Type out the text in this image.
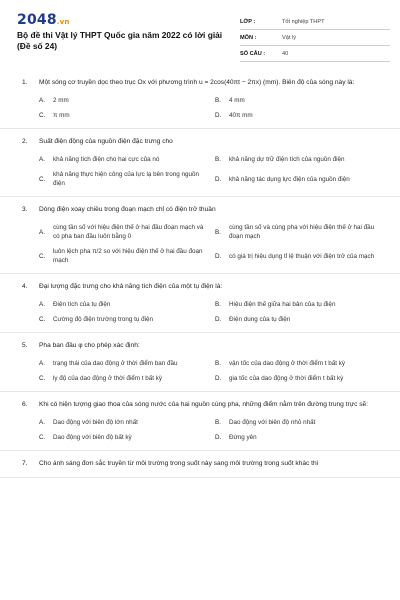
2048.vn
Bộ đề thi Vật lý THPT Quốc gia năm 2022 có lời giải (Đề số 24)
LỚP :	Tốt nghiệp THPT
MÔN :	Vật lý
SỐ CÂU :	40
1.	Một sóng cơ truyền dọc theo trục Ox với phương trình u = 2cos(40πt − 2πx) (mm). Biên độ của sóng này là:
A.	2 mm	B.	4 mm
C.	π mm	D.	40π mm
2.	Suất điện động của nguồn điện đặc trưng cho
A.	khả năng tích điện cho hai cực của nó	B.	khả năng dự trữ điện tích của nguồn điện
C.
khả năng thực hiện công của lực lạ bên trong nguồn điện
D.	khả năng tác dụng lực điện của nguồn điện
3.	Dòng điện xoay chiều trong đoạn mạch chỉ có điện trở thuần
A.
cùng tần số với hiệu điện thế ở hai đầu đoạn mạch và có pha ban đầu luôn bằng 0
B.
cùng tần số và cùng pha với hiệu điện thế ở hai đầu đoạn mạch
C.
luôn lệch pha π/2 so với hiệu điện thế ở hai đầu đoạn mạch
D.	có giá trị hiệu dụng tỉ lệ thuận với điện trở của mạch
4.	Đại lượng đặc trưng cho khả năng tích điện của một tụ điện là:
A.	Điện tích của tụ điện	B.	Hiệu điện thế giữa hai bản của tụ điện
C.	Cường độ điện trường trong tụ điện	D.	Điện dung của tụ điện
5.	Pha ban đầu φ cho phép xác định:
A.	trạng thái của dao động ở thời điểm ban đầu	B.	vận tốc của dao động ở thời điểm t bất kỳ
C.	ly độ của dao động ở thời điểm t bất kỳ	D.	gia tốc của dao động ở thời điểm t bất kỳ
6.	Khi có hiện tượng giao thoa của sóng nước của hai nguồn cùng pha, những điểm nằm trên đường trung trực sẽ:
A.	Dao động với biên độ lớn nhất	B.	Dao động với biên độ nhỏ nhất
C.	Dao động với biên độ bất kỳ	D.	Đứng yên
7.	Cho ánh sáng đơn sắc truyền từ môi trường trong suốt này sang môi trường trong suốt khác thì
